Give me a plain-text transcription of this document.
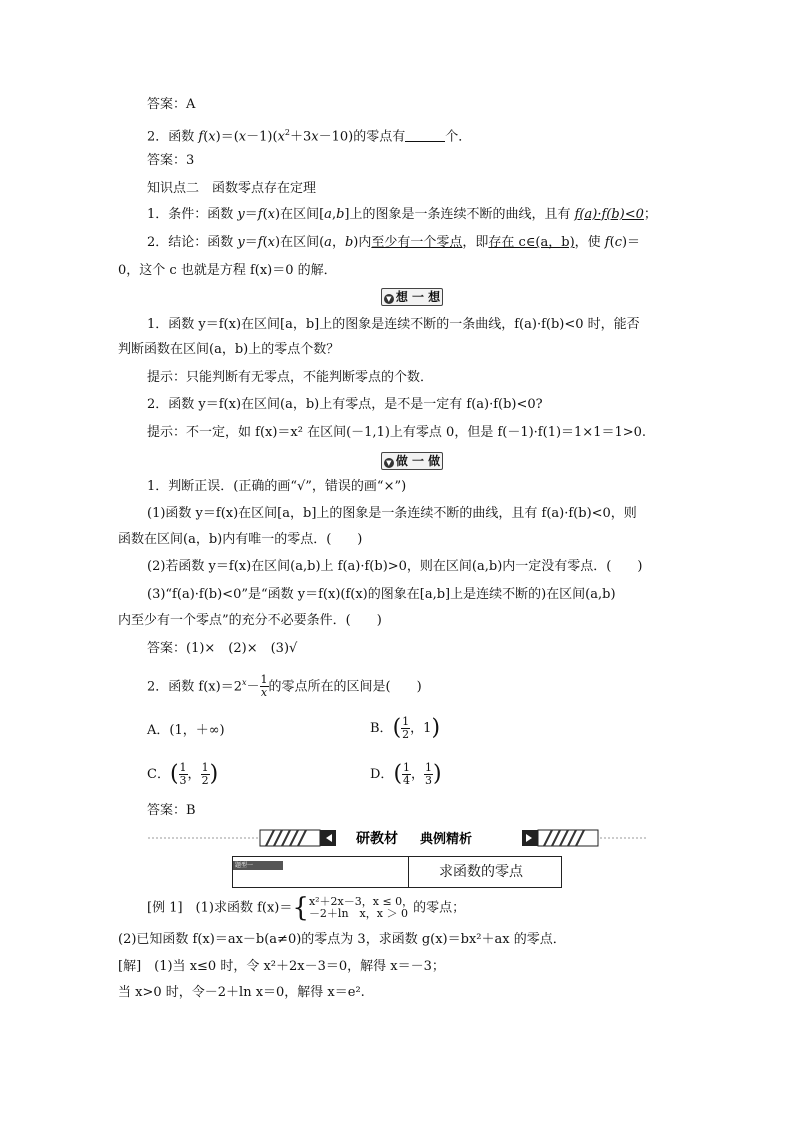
答案：A
2．函数 $f(x)=(x-1)(x^2+3x-10)$的零点有	个．
答案：3
知识点二　函数零点存在定理
1．条件：函数 y＝f(x)在区间[a,b]上的图象是一条连续不断的曲线，且有 f(a)·f(b)<0；
2．结论：函数 y＝f(x)在区间(a，b)内至少有一个零点，即存在 c∈(a，b)，使 f(c)＝
0，这个 c 也就是方程 f(x)＝0 的解．
▼ 想 一 想
1．函数 y＝f(x)在区间[a，b]上的图象是连续不断的一条曲线，f(a)·f(b)<0 时，能否
判断函数在区间(a，b)上的零点个数？
提示：只能判断有无零点，不能判断零点的个数．
2．函数 y＝f(x)在区间(a，b)上有零点，是不是一定有 f(a)·f(b)<0?
提示：不一定，如 f(x)＝x² 在区间(－1,1)上有零点 0，但是 f(－1)·f(1)＝1×1＝1>0.
▼ 做 一 做
1．判断正误．(正确的画“√”，错误的画“×”)
(1)函数 y＝f(x)在区间[a，b]上的图象是一条连续不断的曲线，且有 f(a)·f(b)<0，则
函数在区间(a，b)内有唯一的零点．(　　)
(2)若函数 y＝f(x)在区间(a,b)上 f(a)·f(b)>0，则在区间(a,b)内一定没有零点．(　　)
(3)“f(a)·f(b)<0”是“函数 y＝f(x)(f(x)的图象在[a,b]上是连续不断的)在区间(a,b)
内至少有一个零点”的充分不必要条件．(　　)
答案：(1)×　(2)×　(3)√
2．函数 $f(x)=2^x- \frac{1}{x}$ 的零点所在的区间是(　　)
A．(1，＋∞)	B．( $\frac{1}{2}$ ，1)
C．( $\frac{1}{3}$ ， $\frac{1}{2}$ )	D．( $\frac{1}{4}$ ， $\frac{1}{3}$ )
答案：B
研教材 典例精析
题型一	求函数的零点
[例 1]　(1)求函数 f(x)＝{ x²＋2x－3，x ≤ 0，
－2＋ln　x，x ＞ 0 的零点；
(2)已知函数 f(x)＝ax－b(a≠0)的零点为 3，求函数 g(x)＝bx²＋ax 的零点．
[解]　(1)当 x≤0 时，令 x²＋2x－3＝0，解得 x＝－3；
当 x>0 时，令－2＋ln x＝0，解得 x＝e².
